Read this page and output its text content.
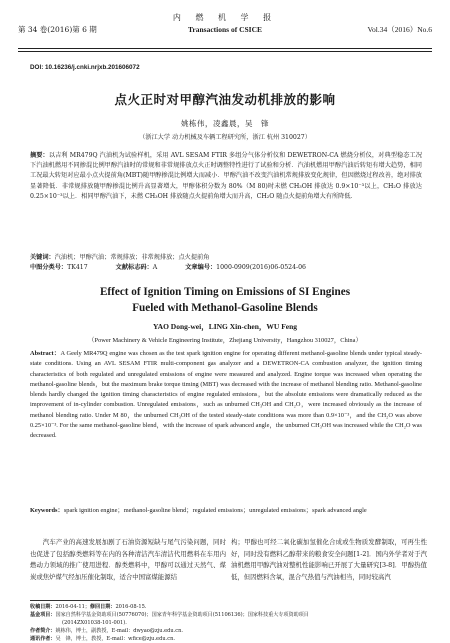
第 34 卷(2016)第 6 期
内 燃 机 学 报
Transactions of CSICE	Vol.34（2016）No.6
DOI: 10.16236/j.cnki.nrjxb.201606072
点火正时对甲醇汽油发动机排放的影响
姚栋伟，凌鑫晨，吴　锋
（浙江大学 动力机械及车辆工程研究所，浙江 杭州 310027）
摘要：以吉利 MR479Q 汽油机为试验样机，采用 AVL SESAM FTIR 多组分气体分析仪和 DEWETRON-CA 燃烧分析仪，对典型稳态工况下汽油机燃用不同掺混比例甲醇汽油时的常规和非常规排放点火正时调整特性进行了试验和分析．汽油机燃用甲醇汽油后转矩有增大趋势，相同工况最大转矩对应最小点火提前角(MBT)随甲醇掺混比例增大而减小．甲醇汽油不改变汽油机常规排放变化规律，但因燃烧过程改善，绝对排放显著降低．非常规排放随甲醇掺混比例升高显著增大，甲醇体积分数为 80%（M 80)时未燃 CH₃OH 排放达 0.9×10⁻³以上，CH₂O 排放达 0.25×10⁻³以上．相同甲醇汽油下，未燃 CH₃OH 排放随点火提前角增大而升高，CH₂O 随点火提前角增大有所降低．
关键词：汽油机；甲醇汽油；常规排放；非常规排放；点火提前角
中图分类号：TK417	文献标志码：A	文章编号：1000-0909(2016)06-0524-06
Effect of Ignition Timing on Emissions of SI Engines
Fueled with Methanol-Gasoline Blends
YAO Dong-wei，LING Xin-chen，WU Feng
（Power Machinery & Vehicle Engineering Institute，Zhejiang University，Hangzhou 310027，China）
Abstract：A Geely MR479Q engine was chosen as the test spark ignition engine for operating different methanol-gasoline blends under typical steady-state conditions. Using an AVL SESAM FTIR multi-component gas analyzer and a DEWETRON-CA combustion analyzer, the ignition timing characteristics of both regulated and unregulated emissions of engine were measured and analyzed. Engine torque was increased when operating the methanol-gasoline blends，but the maximum brake torque timing (MBT) was decreased with the increase of methanol blending ratio. Methanol-gasoline blends hardly changed the ignition timing characteristics of engine regulated emissions，but the absolute emissions were dramatically reduced as the improvement of in-cylinder combustion. Unregulated emissions，such as unburned CH₃OH and CH₂O，were increased obviously as the increase of methanol blending ratio. Under M 80，the unburned CH₃OH of the tested steady-state conditions was more than 0.9×10⁻³，and the CH₂O was above 0.25×10⁻³. For the same methanol-gasoline blend，with the increase of spark advanced angle，the unburned CH₃OH was increased while the CH₂O was decreased.
Keywords：spark ignition engine；methanol-gasoline blend；regulated emissions；unregulated emissions；spark advanced angle
汽车产业的高速发展加剧了石油资源短缺与尾气污染问题，同时也促进了包括醇类燃料等在内的各种清洁汽车清洁代用燃料在车用内燃动力领域的推广使用进程．醇类燃料中，甲醇可以通过天然气、煤炭或焦炉煤气经加压催化制取，适合中国富煤能源结
构；甲醇也可经二氧化碳加氢催化合成或生物质发酵制取，可再生性好，同时没有燃料乙醇带来的粮食安全问题[1-2]．国内外学者对于汽油机燃用甲醇汽油对整机性能影响已开展了大量研究[3-8]．甲醇热值低，但因燃料含氧，混合气热值与汽油相当，同时较高汽
收稿日期：2016-04-11；修回日期：2016-08-15.
基金项目：国家自然科学基金资助项目(50776070)；国家青年科学基金资助项目(51106136)；国家科技重大专项资助项目
(2014ZX01038-101-001).
作者简介：姚栋伟，博士，副教授，E-mail：dwyao@zju.edu.cn.
通讯作者：吴　锋，博士，教授，E-mail：wfice@zju.edu.cn.
